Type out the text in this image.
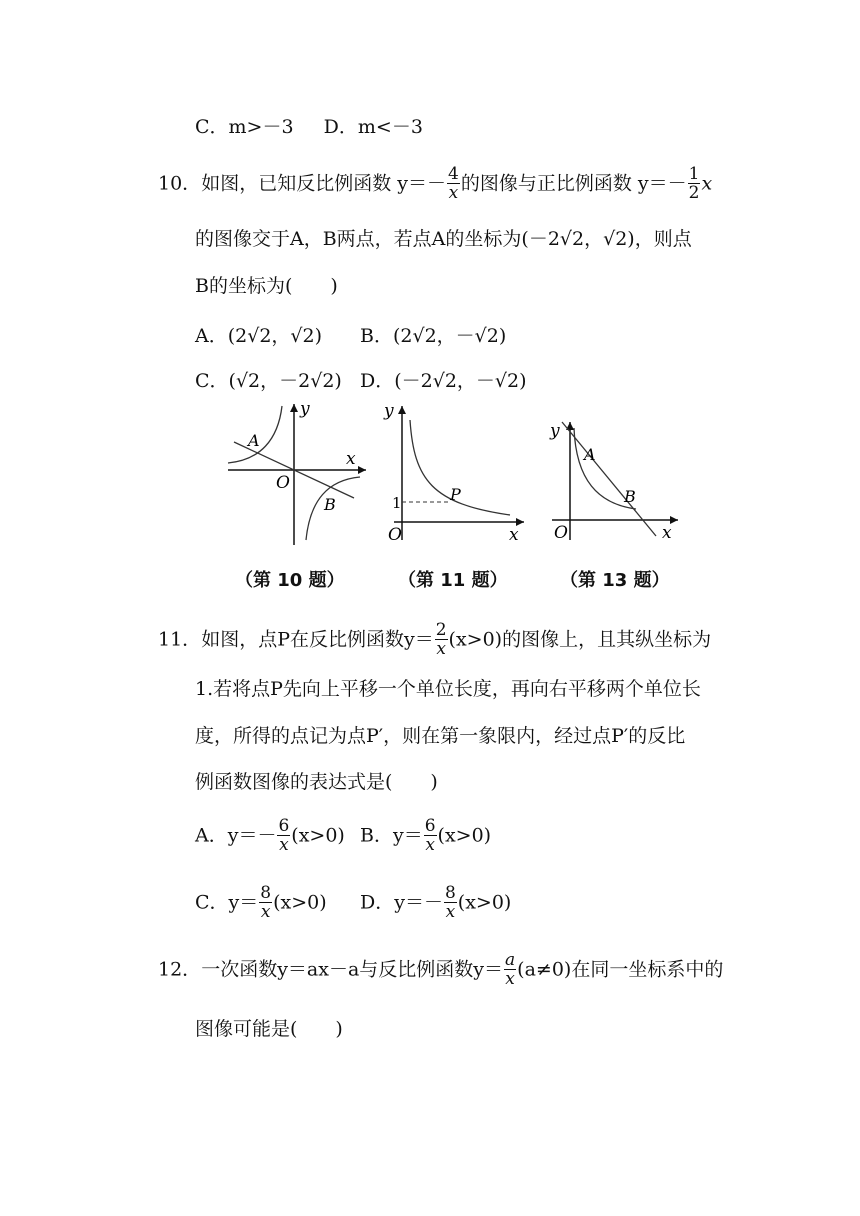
C．m>－3 D．m<－3
10．如图，已知反比例函数 $y=- \frac{4}{x}$ 的图像与正比例函数 $y=- \frac{1}{2}$ x
的图像交于A，B两点，若点A的坐标为(－2√2，√2)，则点
B的坐标为(　　)
A．(2√2，√2) B．(2√2，－√2)
C．(√2，－2√2) D．(－2√2，－√2)
y
x
O
A
B
y
x
O
1	P
y
x
O
A
B
（第 10 题）	（第 11 题）	（第 13 题）
11．如图，点P在反比例函数$y= \frac{2}{x} (x>0)$的图像上，且其纵坐标为
1.若将点P先向上平移一个单位长度，再向右平移两个单位长
度，所得的点记为点P′，则在第一象限内，经过点P′的反比
例函数图像的表达式是(　　)
A．$y=- \frac{6}{x} (x>0)$ B．$y= \frac{6}{x} (x>0)$
C．$y= \frac{8}{x} (x>0)$ D．$y=- \frac{8}{x} (x>0)$
12．一次函数y＝ax－a与反比例函数$y= \frac{a}{x} (a\ne 0)$在同一坐标系中的
图像可能是(　　)
